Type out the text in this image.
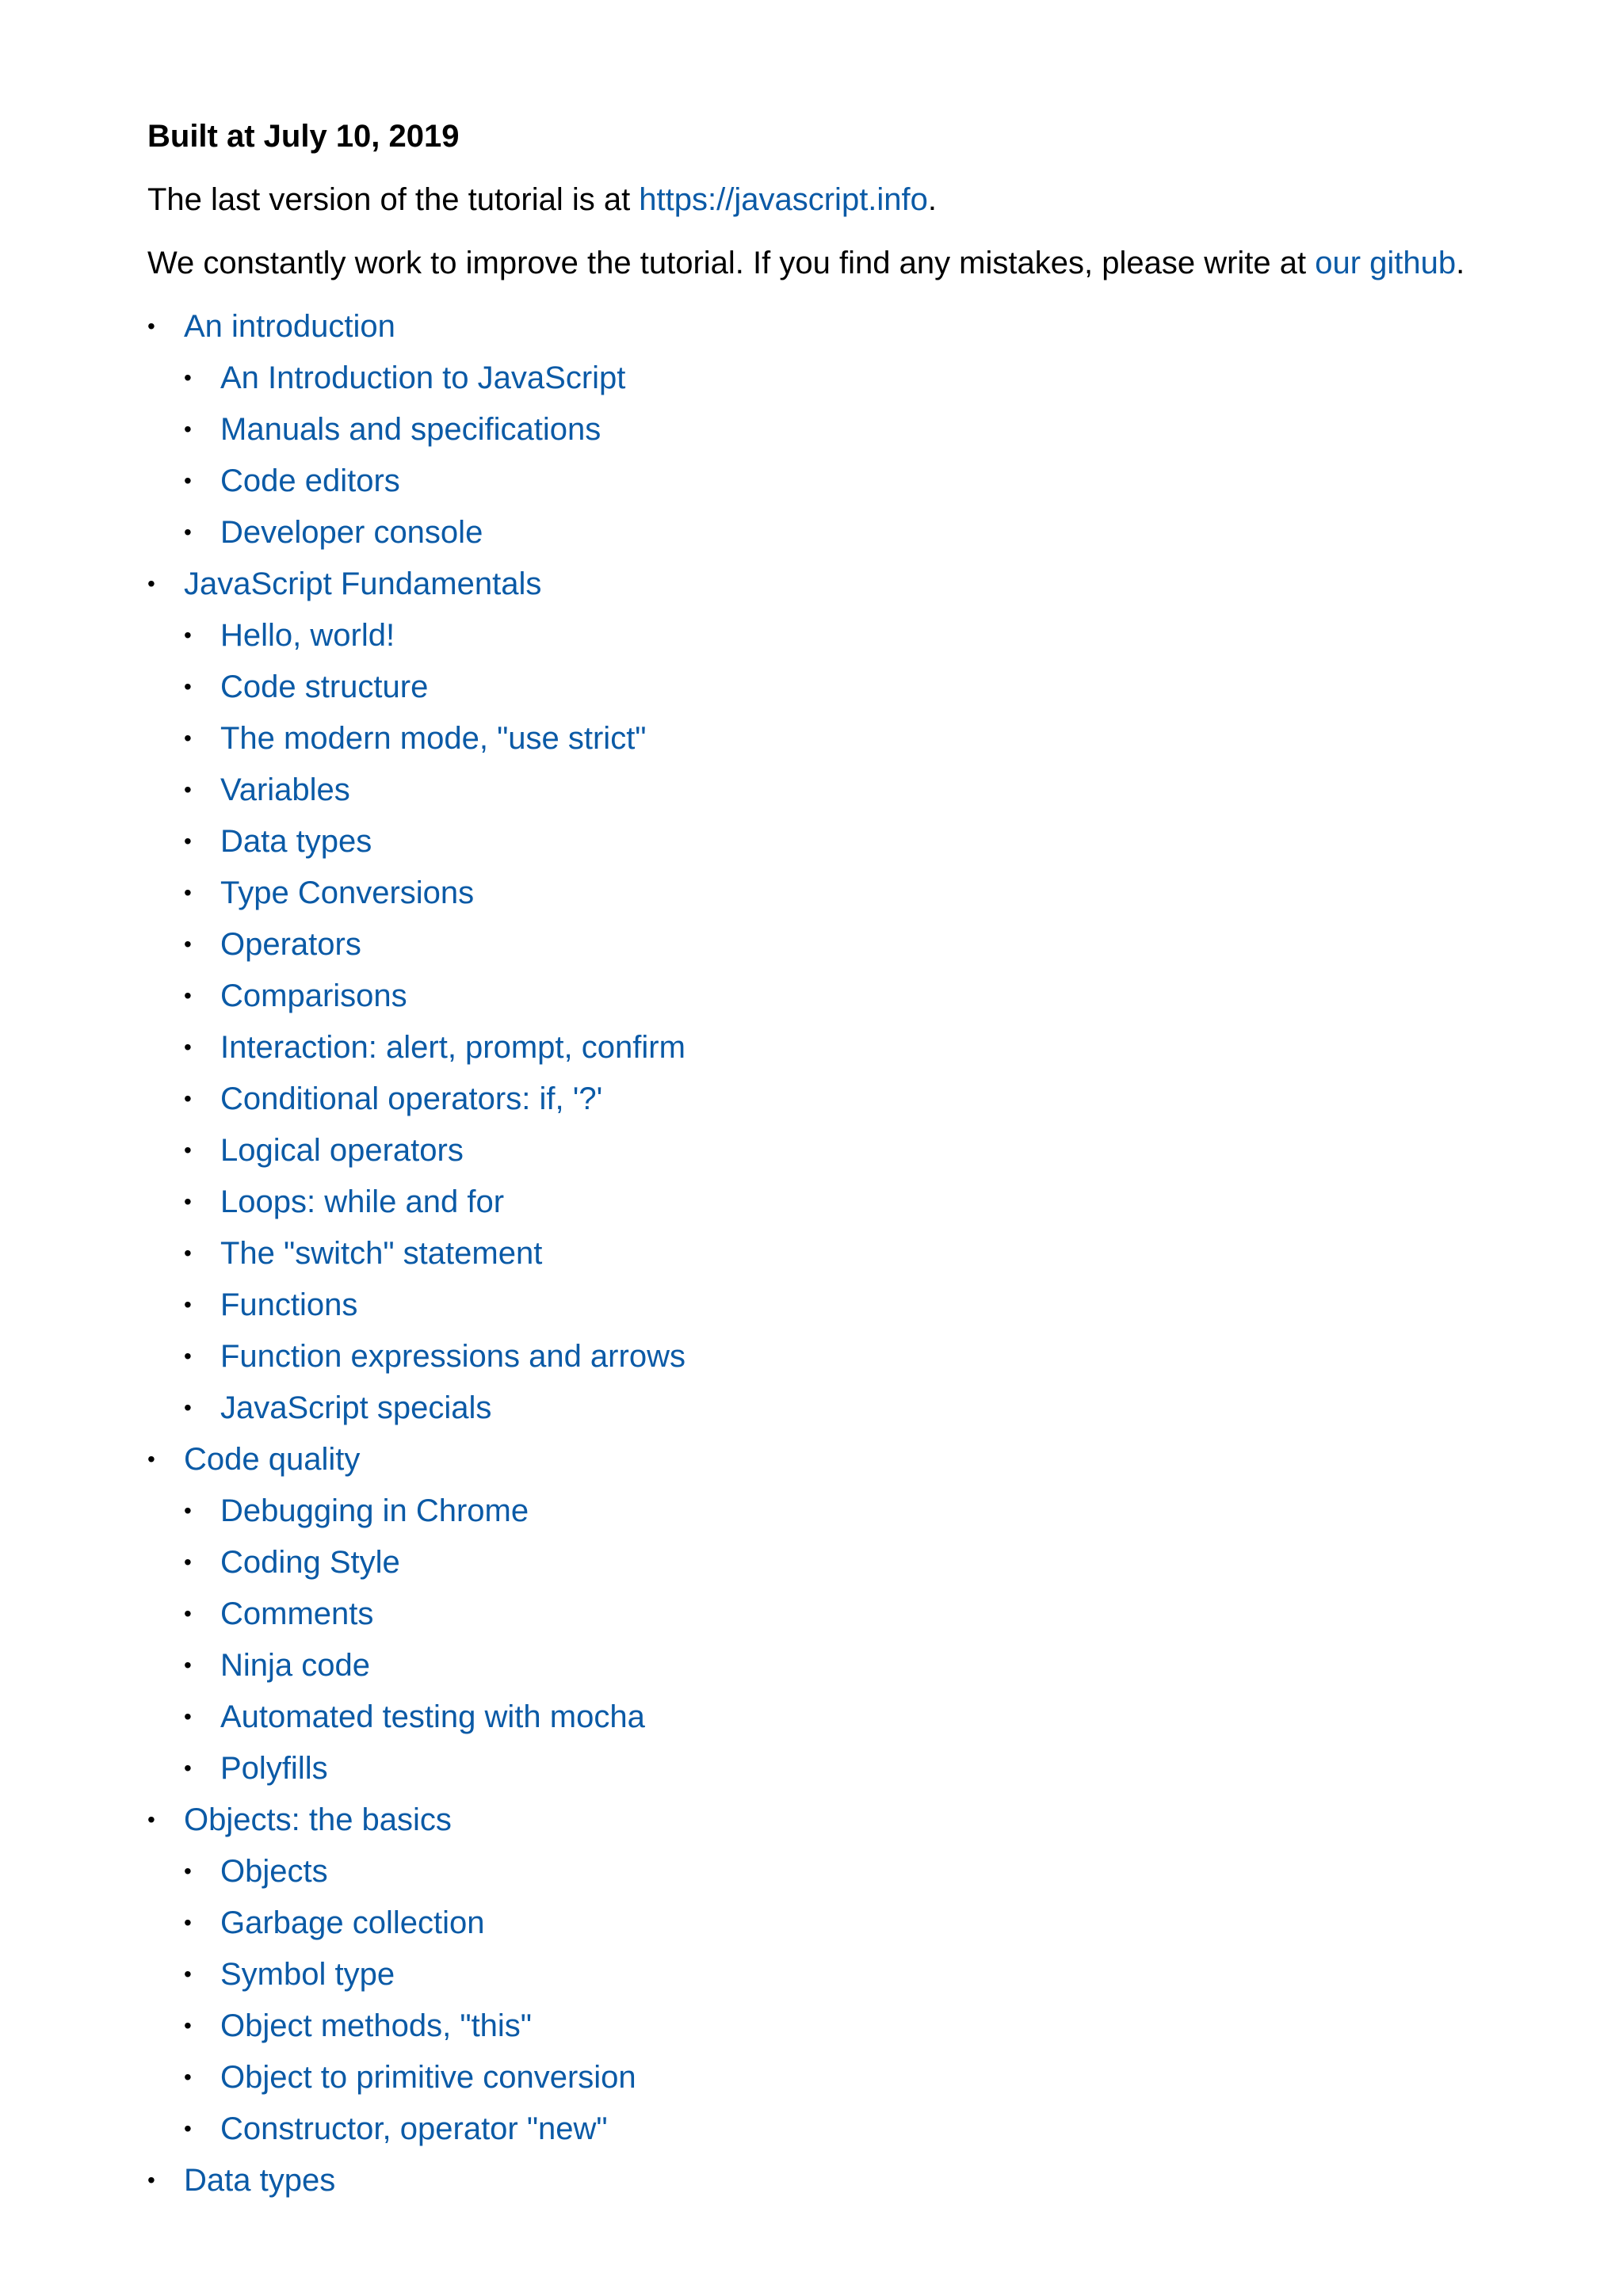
Built at July 10, 2019

The last version of the tutorial is at https://javascript.info.

We constantly work to improve the tutorial. If you find any mistakes, please write at our github.

• An introduction
• An Introduction to JavaScript
• Manuals and specifications
• Code editors
• Developer console
• JavaScript Fundamentals
• Hello, world!
• Code structure
• The modern mode, "use strict"
• Variables
• Data types
• Type Conversions
• Operators
• Comparisons
• Interaction: alert, prompt, confirm
• Conditional operators: if, '?'
• Logical operators
• Loops: while and for
• The "switch" statement
• Functions
• Function expressions and arrows
• JavaScript specials
• Code quality
• Debugging in Chrome
• Coding Style
• Comments
• Ninja code
• Automated testing with mocha
• Polyfills
• Objects: the basics
• Objects
• Garbage collection
• Symbol type
• Object methods, "this"
• Object to primitive conversion
• Constructor, operator "new"
• Data types
